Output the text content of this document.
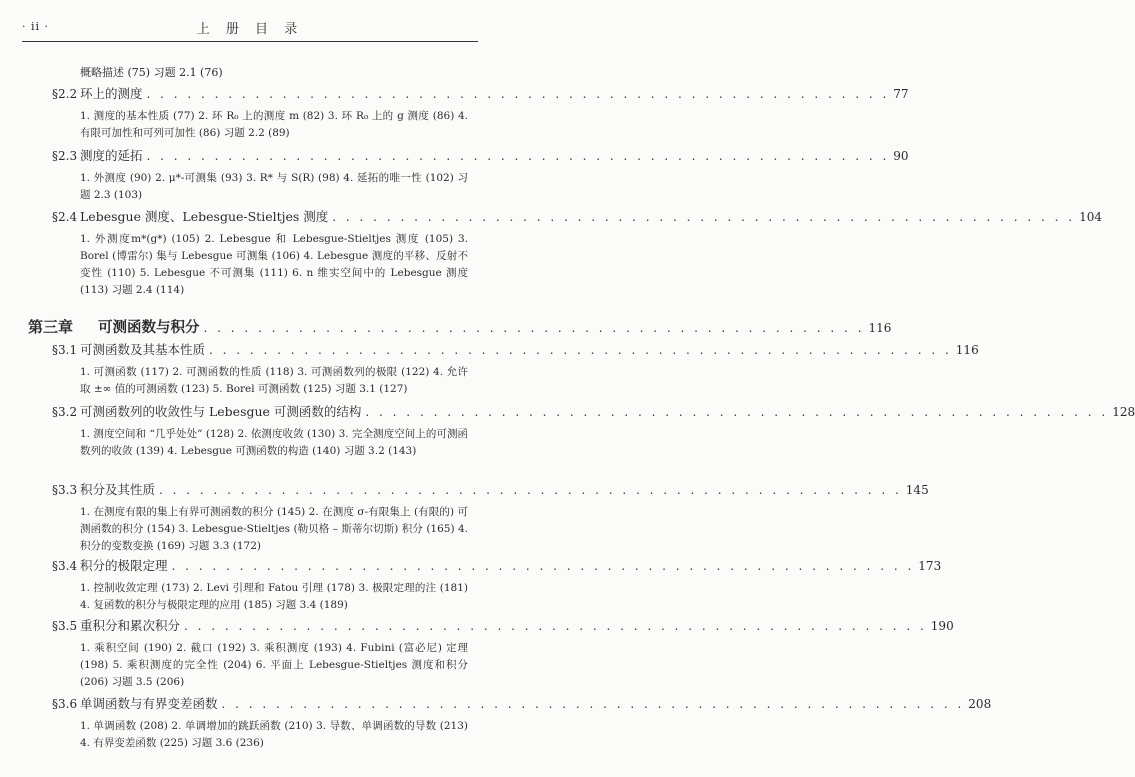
· ii ·	上 册 目 录
概略描述 (75) 习题 2.1 (76)
§2.2 环上的测度 . . . . . . . . . . . . . . . . . . . . . . . . . . . . . . . . . . . . . . . . . . . . . . . . . . . . . . . 77
1. 测度的基本性质 (77) 2. 环 R₀ 上的测度 m (82) 3. 环 R₀ 上的 g 测度 (86) 4. 有限可加性和可列可加性 (86) 习题 2.2 (89)
§2.3 测度的延拓 . . . . . . . . . . . . . . . . . . . . . . . . . . . . . . . . . . . . . . . . . . . . . . . . . . . . . . . 90
1. 外测度 (90) 2. μ*-可测集 (93) 3. R* 与 S(R) (98) 4. 延拓的唯一性 (102) 习题 2.3 (103)
§2.4 Lebesgue 测度、Lebesgue-Stieltjes 测度 . . . . . . . . . . . . . . . . . . . . . . . . . . . . . . . . . . . . . . . . . . . . . . . . . . . . . . . 104
1. 外测度m*(g*) (105) 2. Lebesgue 和 Lebesgue-Stieltjes 测度 (105) 3. Borel (博雷尔) 集与 Lebesgue 可测集 (106) 4. Lebesgue 测度的平移、反射不变性 (110) 5. Lebesgue 不可测集 (111) 6. n 维实空间中的 Lebesgue 测度 (113) 习题 2.4 (114)
第三章	可测函数与积分 . . . . . . . . . . . . . . . . . . . . . . . . . . . . . . . . . . . . . . . . . . . . . . . . . 116
§3.1 可测函数及其基本性质 . . . . . . . . . . . . . . . . . . . . . . . . . . . . . . . . . . . . . . . . . . . . . . . . . . . . . . . 116
1. 可测函数 (117) 2. 可测函数的性质 (118) 3. 可测函数列的极限 (122) 4. 允许取 ±∞ 值的可测函数 (123) 5. Borel 可测函数 (125) 习题 3.1 (127)
§3.2 可测函数列的收敛性与 Lebesgue 可测函数的结构 . . . . . . . . . . . . . . . . . . . . . . . . . . . . . . . . . . . . . . . . . . . . . . . . . . . . . . . 128
1. 测度空间和 “几乎处处” (128) 2. 依测度收敛 (130) 3. 完全测度空间上的可测函数列的收敛 (139) 4. Lebesgue 可测函数的构造 (140) 习题 3.2 (143)
§3.3 积分及其性质 . . . . . . . . . . . . . . . . . . . . . . . . . . . . . . . . . . . . . . . . . . . . . . . . . . . . . . . 145
1. 在测度有限的集上有界可测函数的积分 (145) 2. 在测度 σ-有限集上 (有限的) 可测函数的积分 (154) 3. Lebesgue-Stieltjes (勒贝格 – 斯蒂尔切斯) 积分 (165) 4. 积分的变数变换 (169) 习题 3.3 (172)
§3.4 积分的极限定理 . . . . . . . . . . . . . . . . . . . . . . . . . . . . . . . . . . . . . . . . . . . . . . . . . . . . . . . 173
1. 控制收敛定理 (173) 2. Levi 引理和 Fatou 引理 (178) 3. 极限定理的注 (181) 4. 复函数的积分与极限定理的应用 (185) 习题 3.4 (189)
§3.5 重积分和累次积分 . . . . . . . . . . . . . . . . . . . . . . . . . . . . . . . . . . . . . . . . . . . . . . . . . . . . . . . 190
1. 乘积空间 (190) 2. 截口 (192) 3. 乘积测度 (193) 4. Fubini (富必尼) 定理 (198) 5. 乘积测度的完全性 (204) 6. 平面上 Lebesgue-Stieltjes 测度和积分 (206) 习题 3.5 (206)
§3.6 单调函数与有界变差函数 . . . . . . . . . . . . . . . . . . . . . . . . . . . . . . . . . . . . . . . . . . . . . . . . . . . . . . . 208
1. 单调函数 (208) 2. 单调增加的跳跃函数 (210) 3. 导数、单调函数的导数 (213) 4. 有界变差函数 (225) 习题 3.6 (236)
